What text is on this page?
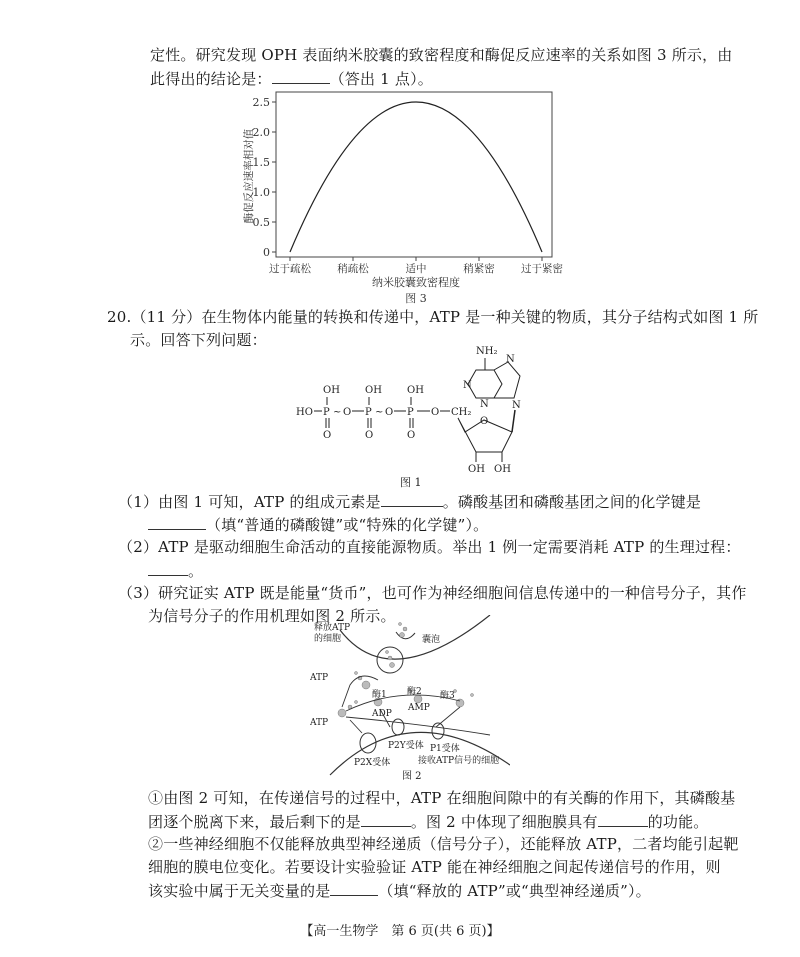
定性。研究发现 OPH 表面纳米胶囊的致密程度和酶促反应速率的关系如图 3 所示，由
此得出的结论是：	（答出 1 点）。
0
0.5
1.0
1.5
2.0
2.5
过于疏松	稍疏松	适中	稍紧密	过于紧密
纳米胶囊致密程度
图 3
酶促反应速率相对值
20.（11 分）在生物体内能量的转换和传递中，ATP 是一种关键的物质，其分子结构式如图 1 所
示。回答下列问题：
HO P
OH
O
~ O P
OH
O
~ O P
OH
O
O CH₂
O
OH OH
NH₂
N
N
N
N
图 1
（1）由图 1 可知，ATP 的组成元素是	。磷酸基团和磷酸基团之间的化学键是
（填“普通的磷酸键”或“特殊的化学键”）。
（2）ATP 是驱动细胞生命活动的直接能源物质。举出 1 例一定需要消耗 ATP 的生理过程：
。
（3）研究证实 ATP 既是能量“货币”，也可作为神经细胞间信息传递中的一种信号分子，其作
为信号分子的作用机理如图 2 所示。
释放ATP
的细胞	囊泡
ATP
ATP
酶1 酶2 酶3
ADP
AMP
P2Y受体
P2X受体
P1受体
接收ATP信号的细胞
图 2
①由图 2 可知，在传递信号的过程中，ATP 在细胞间隙中的有关酶的作用下，其磷酸基
团逐个脱离下来，最后剩下的是	。图 2 中体现了细胞膜具有	的功能。
②一些神经细胞不仅能释放典型神经递质（信号分子），还能释放 ATP，二者均能引起靶
细胞的膜电位变化。若要设计实验验证 ATP 能在神经细胞之间起传递信号的作用，则
该实验中属于无关变量的是	（填“释放的 ATP”或“典型神经递质”）。
【高一生物学　第 6 页(共 6 页)】
